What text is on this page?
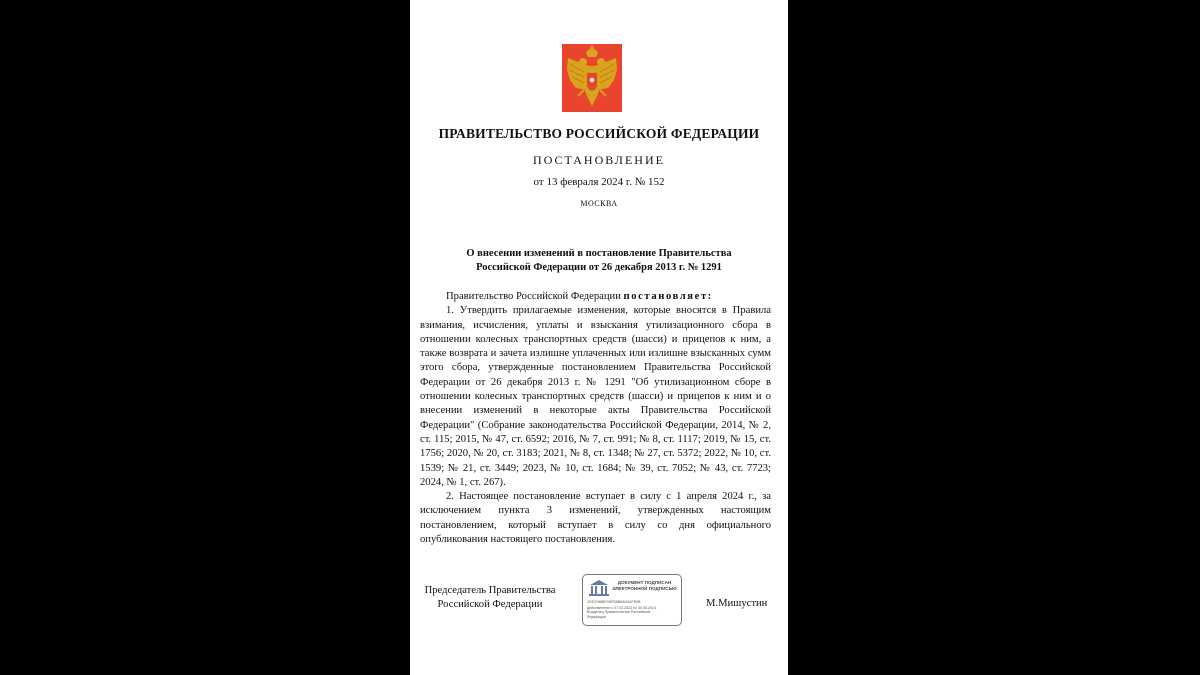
ПРАВИТЕЛЬСТВО РОССИЙСКОЙ ФЕДЕРАЦИИ
ПОСТАНОВЛЕНИЕ
от 13 февраля 2024 г. № 152
МОСКВА
О внесении изменений в постановление Правительства
Российской Федерации от 26 декабря 2013 г. № 1291

Правительство Российской Федерации постановляет:

1. Утвердить прилагаемые изменения, которые вносятся в Правила взимания, исчисления, уплаты и взыскания утилизационного сбора в отношении колесных транспортных средств (шасси) и прицепов к ним, а также возврата и зачета излишне уплаченных или излишне взысканных сумм этого сбора, утвержденные постановлением Правительства Российской Федерации от 26 декабря 2013 г. № 1291 "Об утилизационном сборе в отношении колесных транспортных средств (шасси) и прицепов к ним и о внесении изменений в некоторые акты Правительства Российской Федерации" (Собрание законодательства Российской Федерации, 2014, № 2, ст. 115; 2015, № 47, ст. 6592; 2016, № 7, ст. 991; № 8, ст. 1117; 2019, № 15, ст. 1756; 2020, № 20, ст. 3183; 2021, № 8, ст. 1348; № 27, ст. 5372; 2022, № 10, ст. 1539; № 21, ст. 3449; 2023, № 10, ст. 1684; № 39, ст. 7052; № 43, ст. 7723; 2024, № 1, ст. 267).

2. Настоящее постановление вступает в силу с 1 апреля 2024 г., за исключением пункта 3 изменений, утвержденных настоящим постановлением, который вступает в силу со дня официального опубликования настоящего постановления.

Председатель Правительства
Российской Федерации
ДОКУМЕНТ ПОДПИСАН
ЭЛЕКТРОННОЙ ПОДПИСЬЮ
1DE3788BF0DFB8B9AD9AFE0B
Действителен с 07.02.2023 по 30.05.2024
Владелец Правительство Российской
Федерации
М.Мишустин
